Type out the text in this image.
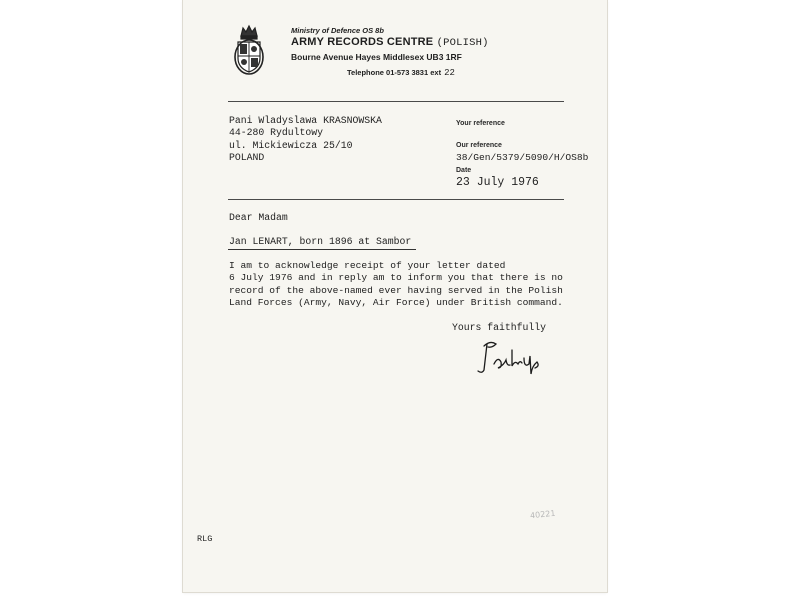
Ministry of Defence OS 8b
ARMY RECORDS CENTRE (POLISH)
Bourne Avenue Hayes Middlesex UB3 1RF
Telephone 01-573 3831 ext 22
Pani Wladyslawa KRASNOWSKA
44-280 Rydultowy
ul. Mickiewicza 25/10
POLAND
Your reference
Our reference
38/Gen/5379/5090/H/OS8b
Date
23 July 1976
Dear Madam
Jan LENART, born 1896 at Sambor
I am to acknowledge receipt of your letter dated
6 July 1976 and in reply am to inform you that there is no
record of the above-named ever having served in the Polish
Land Forces (Army, Navy, Air Force) under British command.
Yours faithfully
RLG
40221
